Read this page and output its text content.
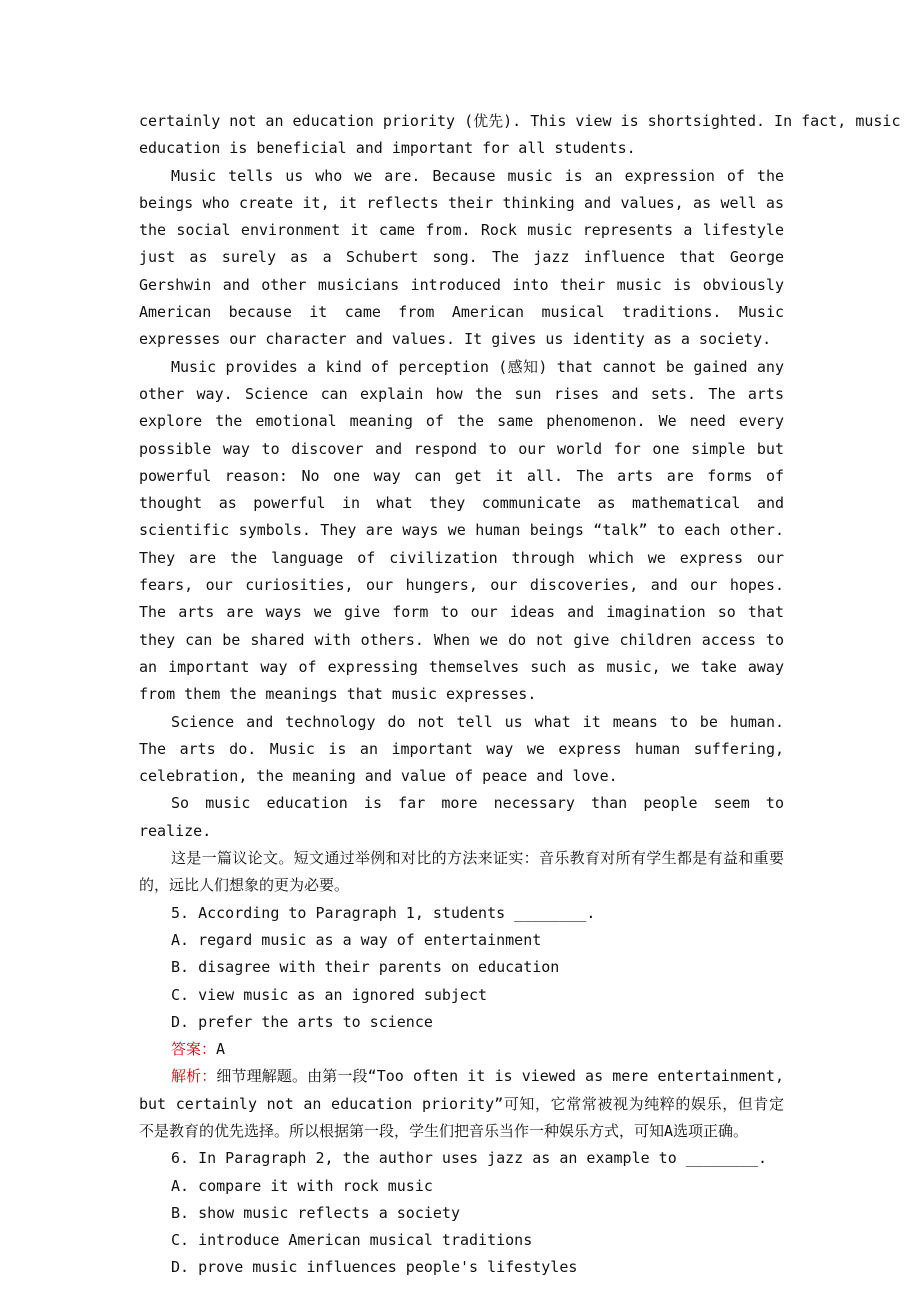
certainly not an education priority (优先). This view is shortsighted. In fact, music

education is beneficial and important for all students.

Music tells us who we are. Because music is an expression of the beings who create it, it reflects their thinking and values, as well as the social environment it came from. Rock music represents a lifestyle just as surely as a Schubert song. The jazz influence that George Gershwin and other musicians introduced into their music is obviously American because it came from American musical traditions. Music expresses our character and values. It gives us identity as a society.

Music provides a kind of perception (感知) that cannot be gained any other way. Science can explain how the sun rises and sets. The arts explore the emotional meaning of the same phenomenon. We need every possible way to discover and respond to our world for one simple but powerful reason: No one way can get it all. The arts are forms of thought as powerful in what they communicate as mathematical and scientific symbols. They are ways we human beings “talk” to each other. They are the language of civilization through which we express our fears, our curiosities, our hungers, our discoveries, and our hopes. The arts are ways we give form to our ideas and imagination so that they can be shared with others. When we do not give children access to an important way of expressing themselves such as music, we take away from them the meanings that music expresses.

Science and technology do not tell us what it means to be human. The arts do. Music is an important way we express human suffering, celebration, the meaning and value of peace and love.

So music education is far more necessary than people seem to realize.

这是一篇议论文。短文通过举例和对比的方法来证实：音乐教育对所有学生都是有益和重要的，远比人们想象的更为必要。

5. According to Paragraph 1, students ________.

A. regard music as a way of entertainment

B. disagree with their parents on education

C. view music as an ignored subject

D. prefer the arts to science

答案：A

解析：细节理解题。由第一段“Too often it is viewed as mere entertainment, but certainly not an education priority”可知，它常常被视为纯粹的娱乐，但肯定不是教育的优先选择。所以根据第一段，学生们把音乐当作一种娱乐方式，可知A选项正确。

6. In Paragraph 2, the author uses jazz as an example to ________.

A. compare it with rock music

B. show music reflects a society

C. introduce American musical traditions

D. prove music influences people's lifestyles
